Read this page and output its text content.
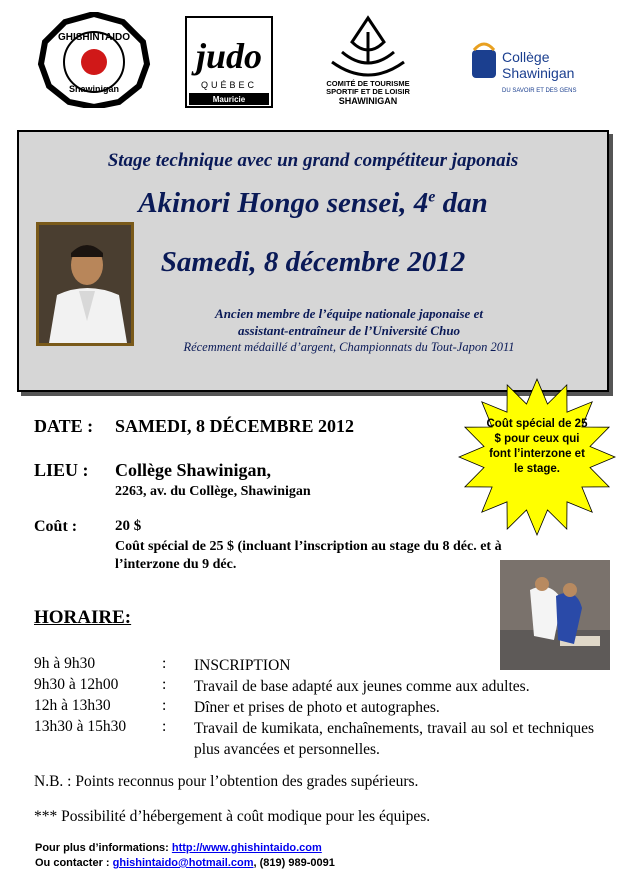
GHISHINTAIDO
Shawinigan
judo
QUÉBEC
Mauricie
COMITÉ DE TOURISME
SPORTIF ET DE LOISIR
SHAWINIGAN
Collège
Shawinigan
DU SAVOIR ET DES GENS
Stage technique avec un grand compétiteur japonais
Akinori Hongo sensei, 4e dan
Samedi, 8 décembre 2012
Ancien membre de l’équipe nationale japonaise et
assistant-entraîneur de l’Université Chuo
Récemment médaillé d’argent, Championnats du Tout-Japon 2011
Coût spécial de 25 $ pour ceux qui font l’interzone et le stage.
DATE : SAMEDI, 8 DÉCEMBRE 2012
LIEU : Collège Shawinigan,
2263, av. du Collège, Shawinigan
Coût :	20 $
Coût spécial de 25 $ (incluant l’inscription au stage du 8 déc. et à
l’interzone du 9 déc.
HORAIRE:
9h à 9h30	: INSCRIPTION
9h30 à 12h00	: Travail de base adapté aux jeunes comme aux adultes.
12h à 13h30	: Dîner et prises de photo et autographes.
13h30 à 15h30 : Travail de kumikata, enchaînements, travail au sol et techniques plus avancées et personnelles.
N.B. : Points reconnus pour l’obtention des grades supérieurs.
*** Possibilité d’hébergement à coût modique pour les équipes.
Pour plus d’informations: http://www.ghishintaido.com
Ou contacter : ghishintaido@hotmail.com, (819) 989-0091
